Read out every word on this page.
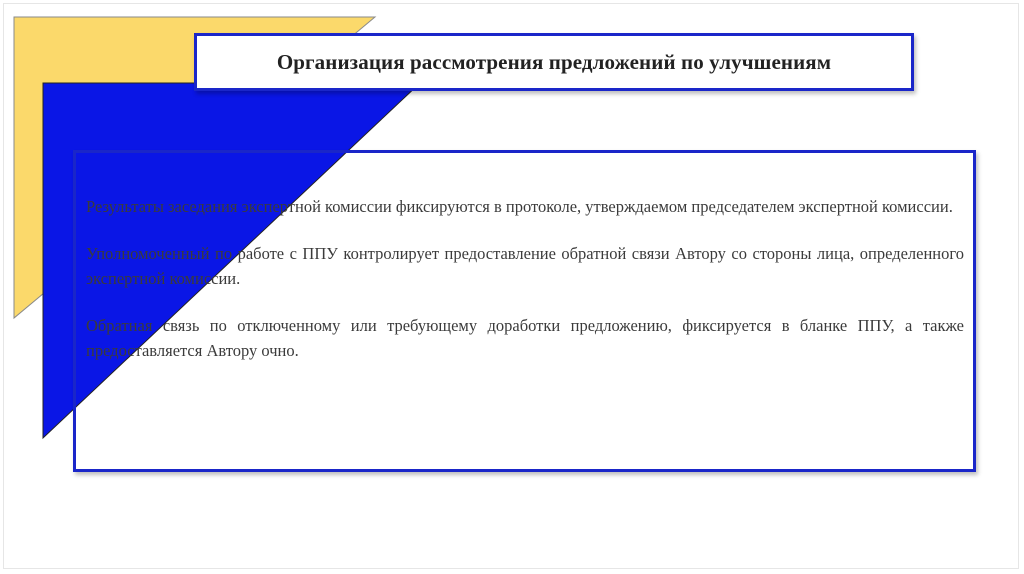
Результаты заседания экспертной комиссии фиксируются в протоколе, утверждаемом председателем экспертной комиссии.

Уполномоченный по работе с ППУ контролирует предоставление обратной связи Автору со стороны лица, определенного экспертной комиссии.

Обратная связь по отключенному или требующему доработки предложению, фиксируется в бланке ППУ, а также предоставляется Автору очно.

Организация рассмотрения предложений по улучшениям
